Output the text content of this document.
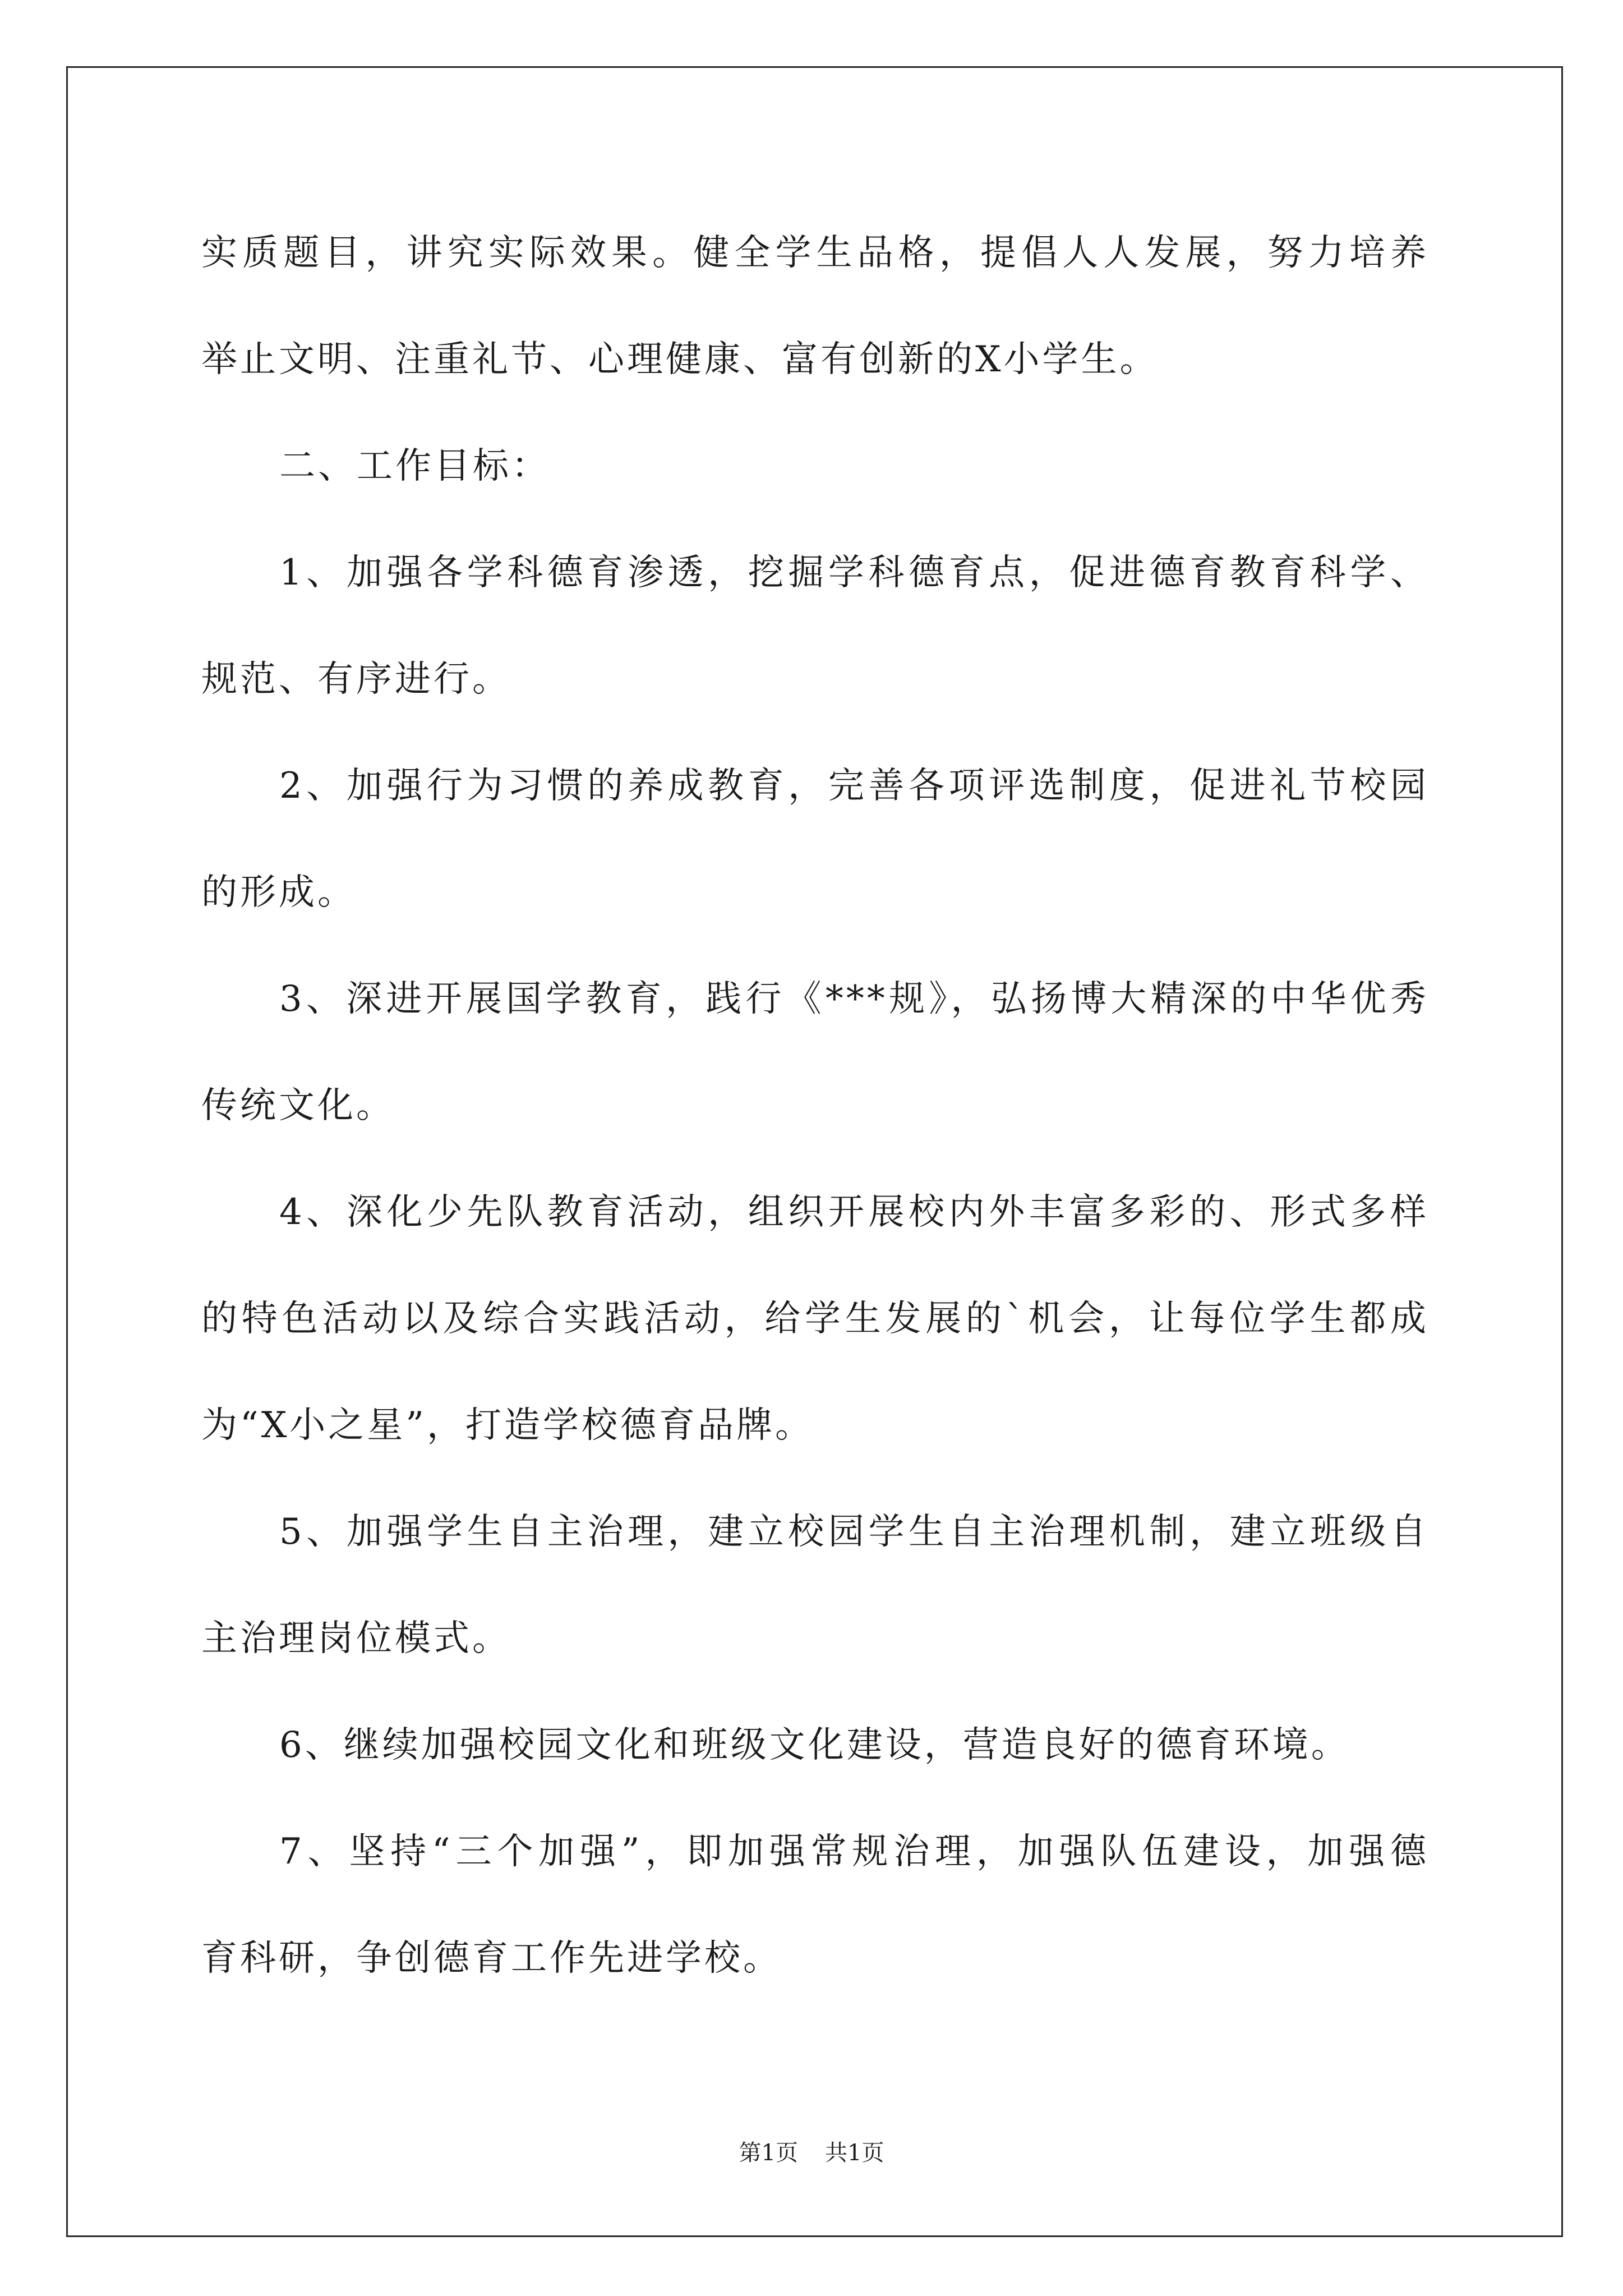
实质题目，讲究实际效果。健全学生品格，提倡人人发展，努力培养
举止文明、注重礼节、心理健康、富有创新的X小学生。
二、工作目标：
1、加强各学科德育渗透，挖掘学科德育点，促进德育教育科学、
规范、有序进行。
2、加强行为习惯的养成教育，完善各项评选制度，促进礼节校园
的形成。
3、深进开展国学教育，践行《***规》，弘扬博大精深的中华优秀
传统文化。
4、深化少先队教育活动，组织开展校内外丰富多彩的、形式多样
的特色活动以及综合实践活动，给学生发展的`机会，让每位学生都成
为“X小之星”，打造学校德育品牌。
5、加强学生自主治理，建立校园学生自主治理机制，建立班级自
主治理岗位模式。
6、继续加强校园文化和班级文化建设，营造良好的德育环境。
7、坚持“三个加强”，即加强常规治理，加强队伍建设，加强德
育科研，争创德育工作先进学校。
第1页 共1页
